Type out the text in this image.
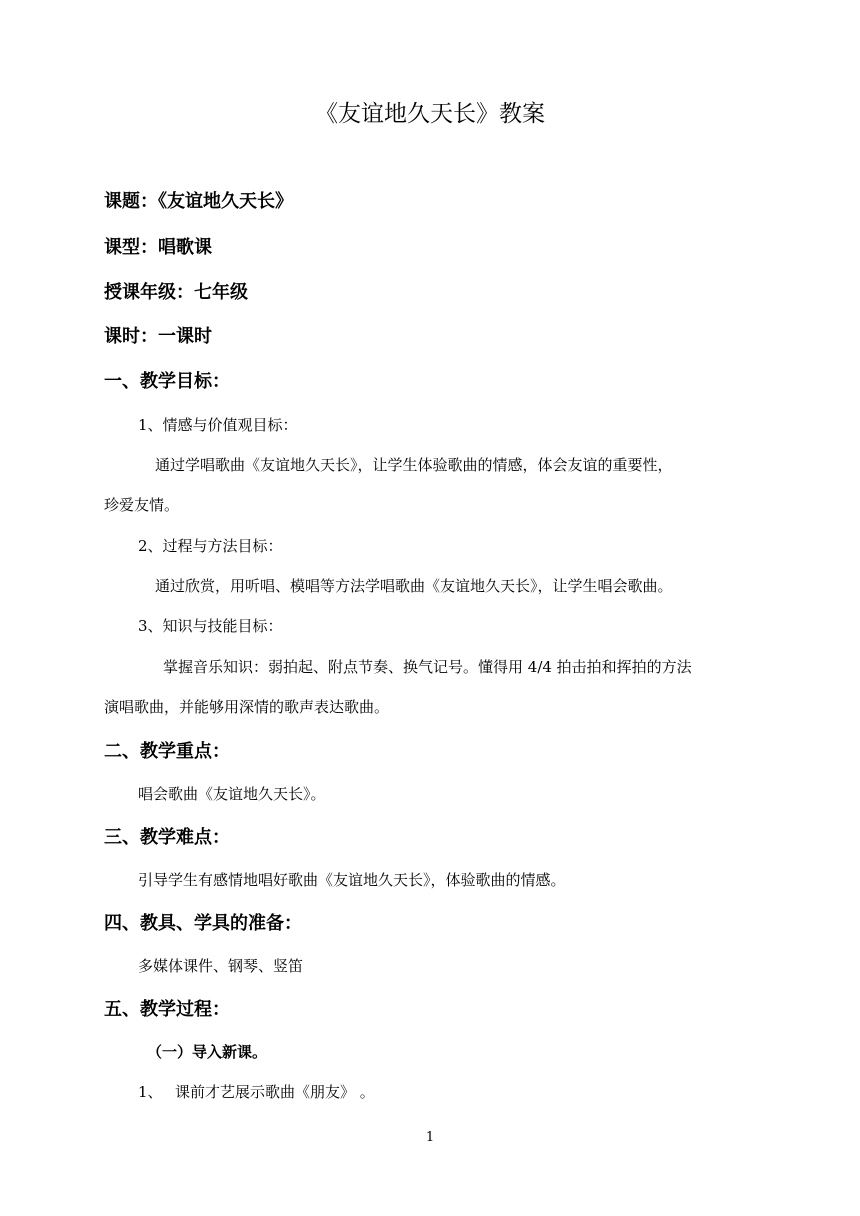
《友谊地久天长》教案
课题：《友谊地久天长》
课型：唱歌课
授课年级：七年级
课时：一课时
一、教学目标：
1、情感与价值观目标：
通过学唱歌曲《友谊地久天长》，让学生体验歌曲的情感，体会友谊的重要性，
珍爱友情。
2、过程与方法目标：
通过欣赏，用听唱、模唱等方法学唱歌曲《友谊地久天长》，让学生唱会歌曲。
3、知识与技能目标：
掌握音乐知识：弱拍起、附点节奏、换气记号。懂得用 4/4 拍击拍和挥拍的方法
演唱歌曲，并能够用深情的歌声表达歌曲。
二、教学重点：
唱会歌曲《友谊地久天长》。
三、教学难点：
引导学生有感情地唱好歌曲《友谊地久天长》，体验歌曲的情感。
四、教具、学具的准备：
多媒体课件、钢琴、竖笛
五、教学过程：
（一）导入新课。
1、 课前才艺展示歌曲《朋友》 。
1
